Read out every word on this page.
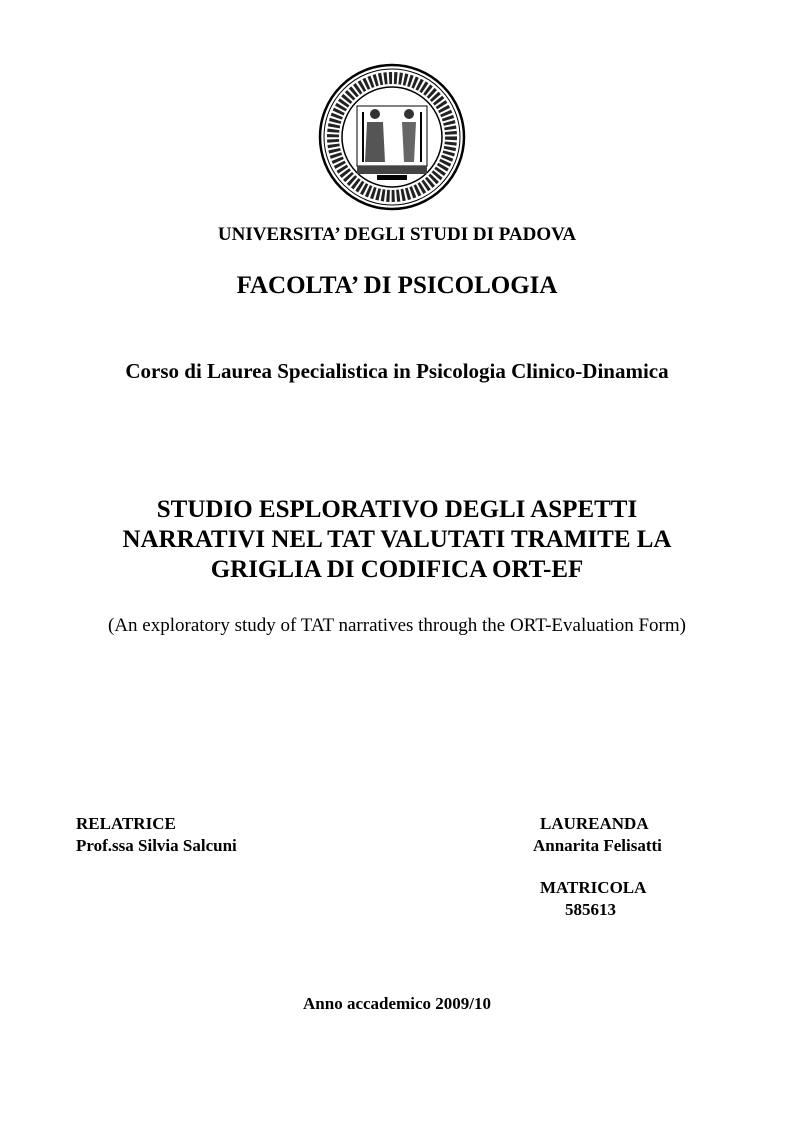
UNIVERSITA’ DEGLI STUDI DI PADOVA
FACOLTA’ DI PSICOLOGIA
Corso di Laurea Specialistica in Psicologia Clinico-Dinamica
STUDIO ESPLORATIVO DEGLI ASPETTI
NARRATIVI NEL TAT VALUTATI TRAMITE LA
GRIGLIA DI CODIFICA ORT-EF
(An exploratory study of TAT narratives through the ORT-Evaluation Form)
RELATRICE
Prof.ssa Silvia Salcuni
LAUREANDA
Annarita Felisatti
MATRICOLA
585613
Anno accademico 2009/10
